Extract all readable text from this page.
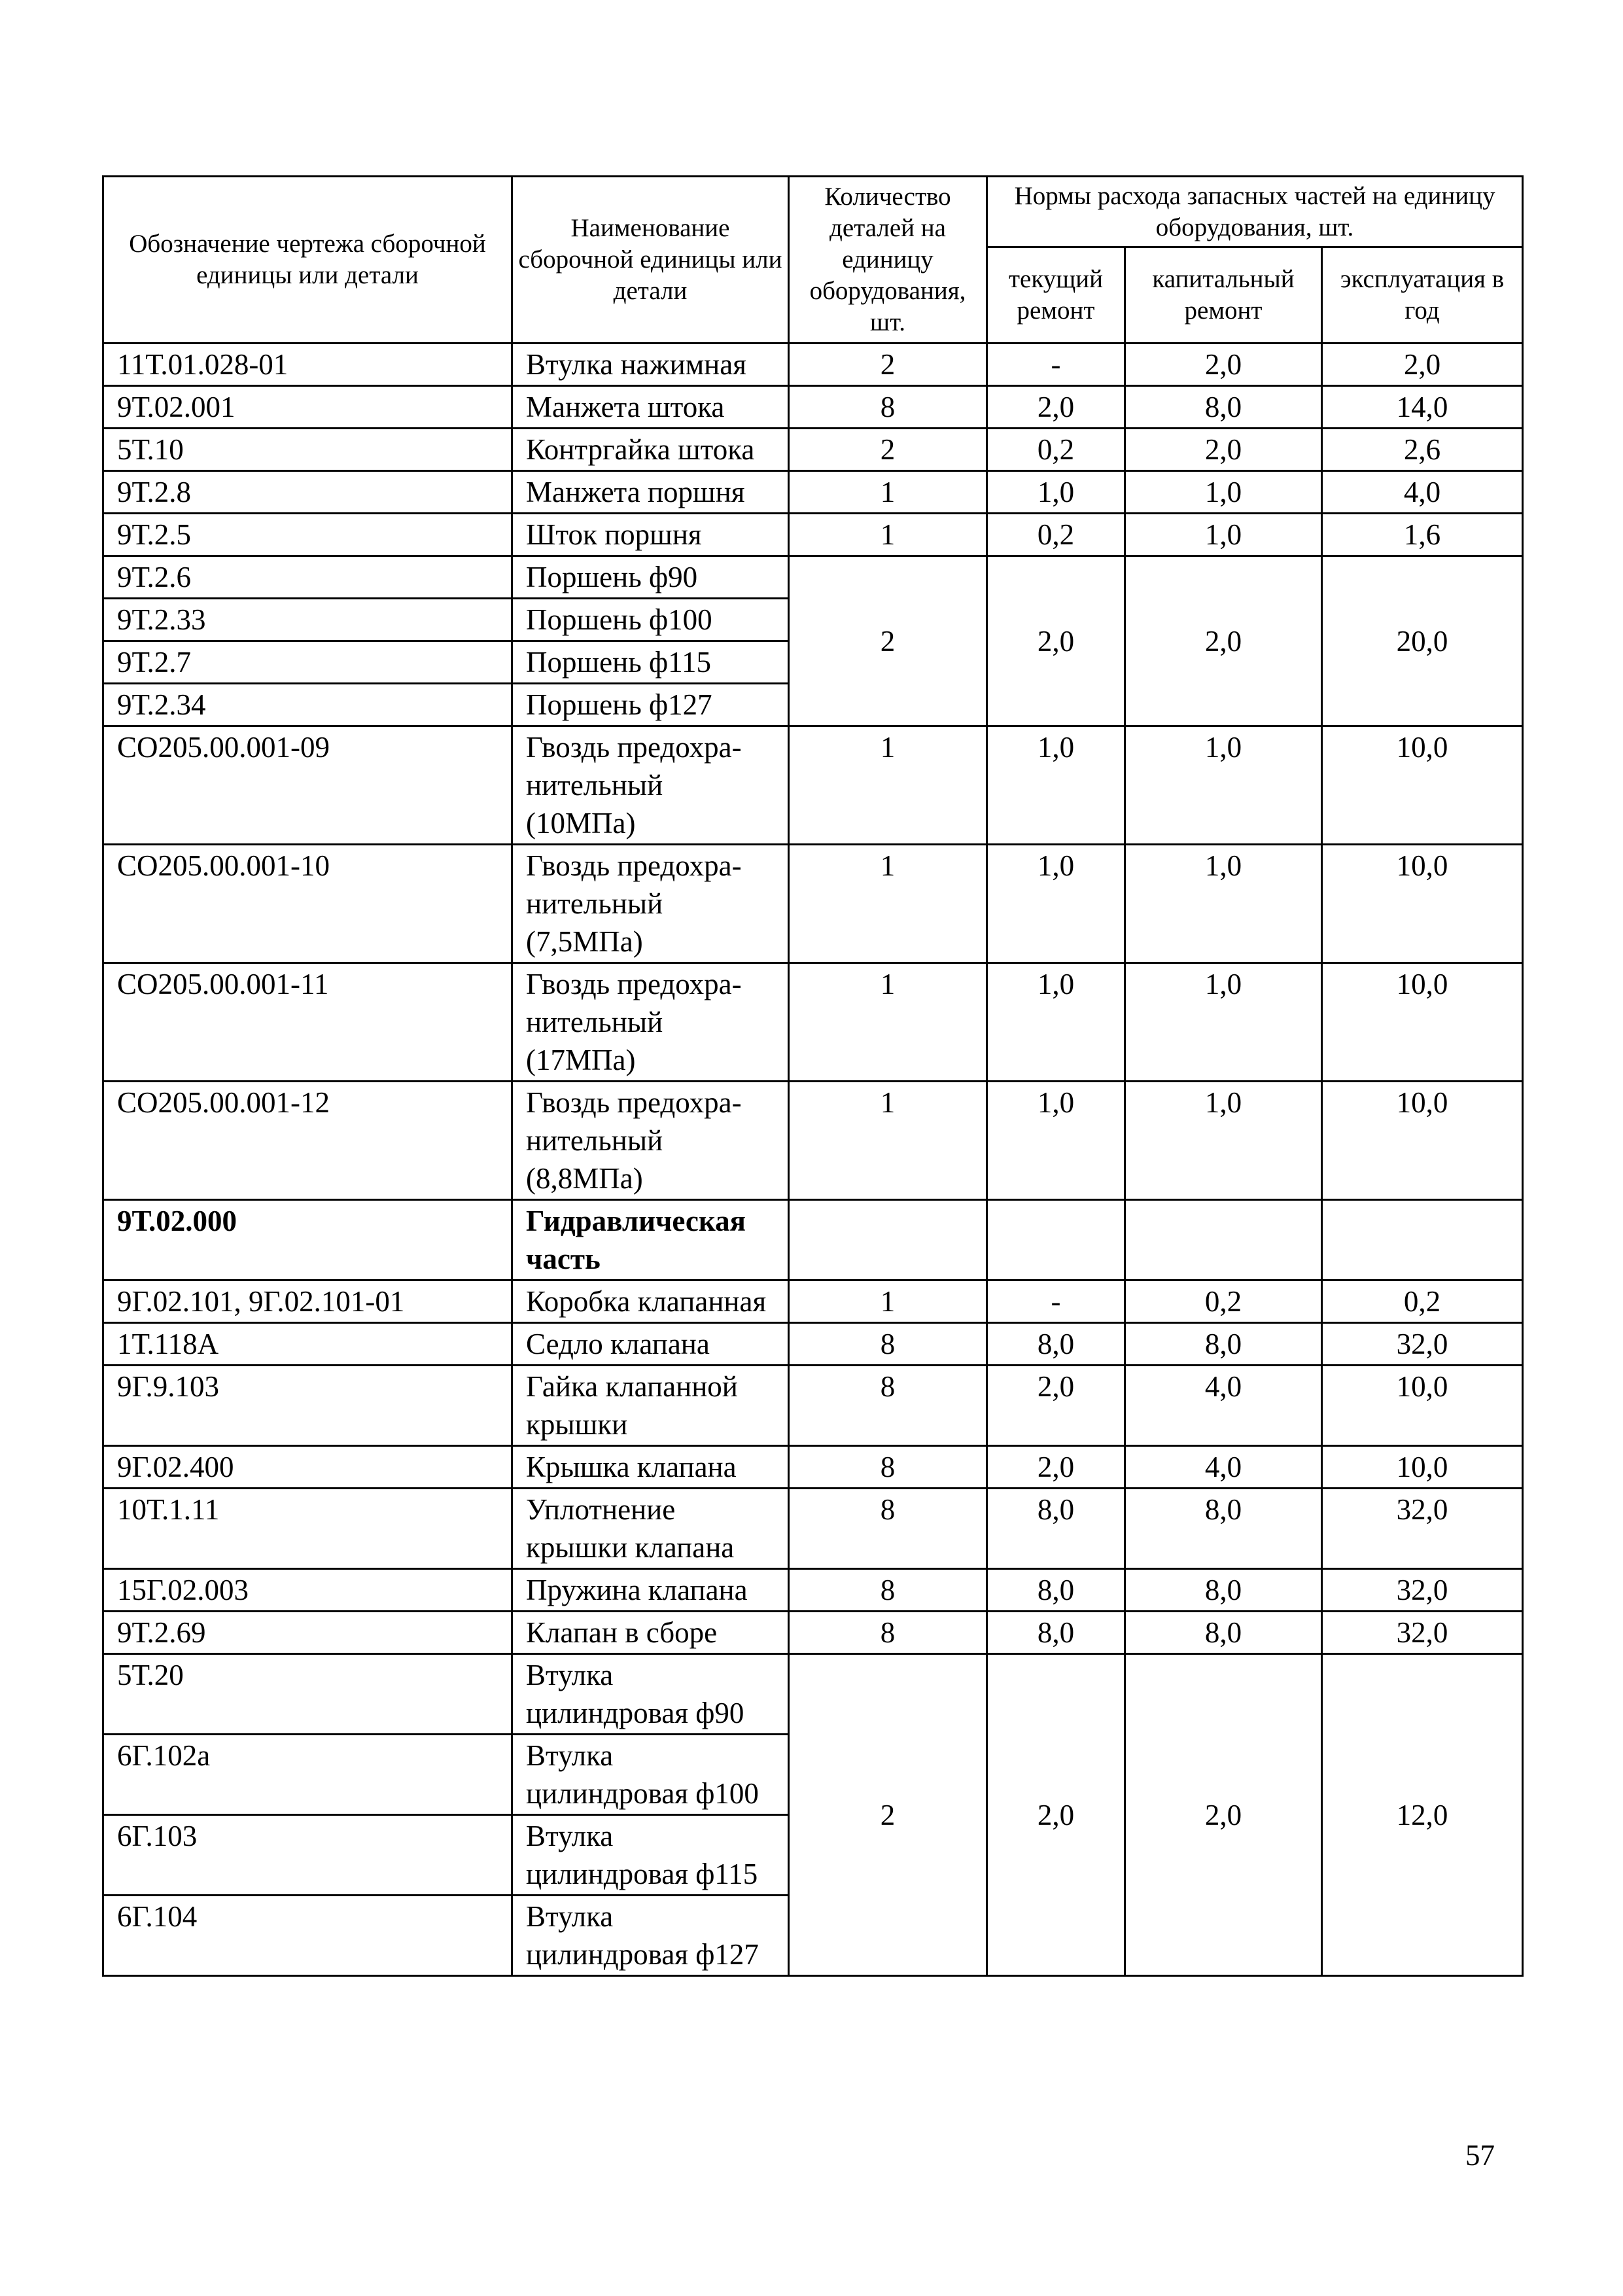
Обозначение чертежа сборочной единицы или детали	Наименование сборочной единицы или детали	Количество деталей на единицу оборудования, шт.	Нормы расхода запасных частей на единицу оборудования, шт.		
			текущий ремонт	капитальный ремонт	эксплуатация в год
11Т.01.028-01	Втулка нажимная	2	-	2,0	2,0
9Т.02.001	Манжета штока	8	2,0	8,0	14,0
5Т.10	Контргайка штока	2	0,2	2,0	2,6
9Т.2.8	Манжета поршня	1	1,0	1,0	4,0
9Т.2.5	Шток поршня	1	0,2	1,0	1,6
9Т.2.6	Поршень ф90	2	2,0	2,0	20,0
9Т.2.33	Поршень ф100				
9Т.2.7	Поршень ф115				
9Т.2.34	Поршень ф127				
СО205.00.001-09	Гвоздь предохра-нительный (10МПа)	1	1,0	1,0	10,0
СО205.00.001-10	Гвоздь предохра-нительный (7,5МПа)	1	1,0	1,0	10,0
СО205.00.001-11	Гвоздь предохра-нительный (17МПа)	1	1,0	1,0	10,0
СО205.00.001-12	Гвоздь предохра-нительный (8,8МПа)	1	1,0	1,0	10,0
9Т.02.000	Гидравлическая часть				
9Г.02.101, 9Г.02.101-01	Коробка клапанная	1	-	0,2	0,2
1Т.118А	Седло клапана	8	8,0	8,0	32,0
9Г.9.103	Гайка клапанной крышки	8	2,0	4,0	10,0
9Г.02.400	Крышка клапана	8	2,0	4,0	10,0
10Т.1.11	Уплотнение крышки клапана	8	8,0	8,0	32,0
15Г.02.003	Пружина клапана	8	8,0	8,0	32,0
9Т.2.69	Клапан в сборе	8	8,0	8,0	32,0
5Т.20	Втулка цилиндровая ф90	2	2,0	2,0	12,0
6Г.102а	Втулка цилиндровая ф100				
6Г.103	Втулка цилиндровая ф115				
6Г.104	Втулка цилиндровая ф127				
57
